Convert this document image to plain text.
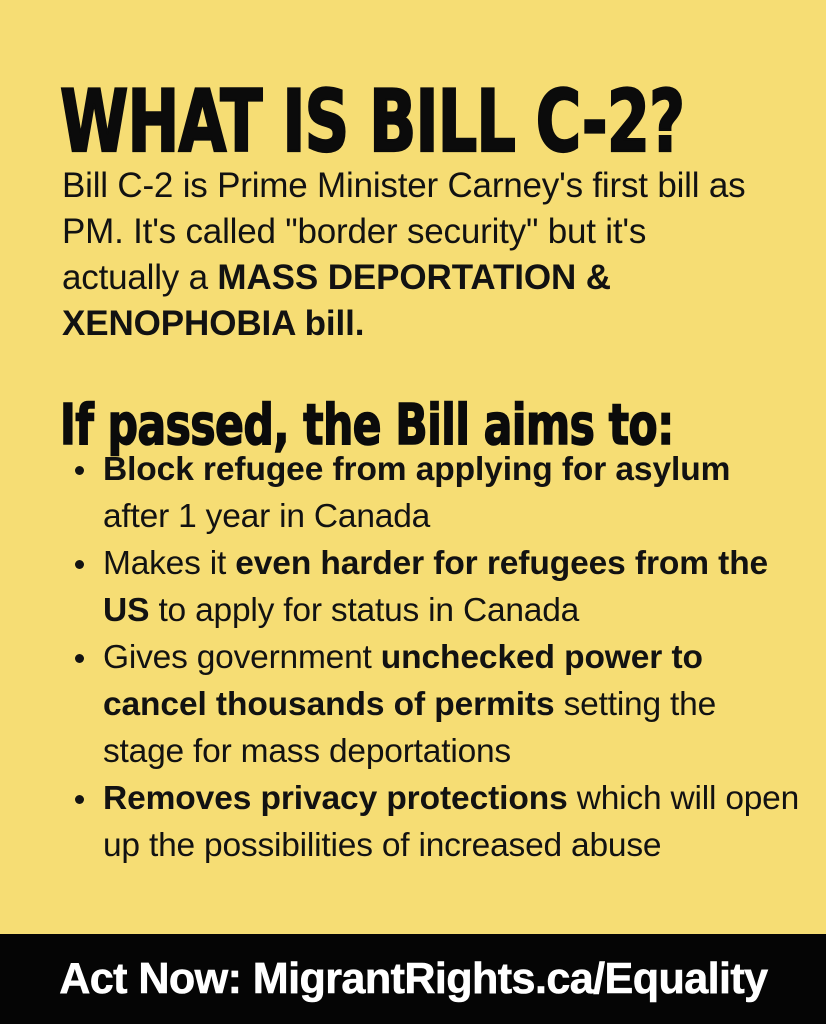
WHAT IS BILL C-2?

Bill C-2 is Prime Minister Carney's first bill as PM. It's called "border security" but it's actually a MASS DEPORTATION & XENOPHOBIA bill.

If passed, the Bill aims to:
Block refugee from applying for asylum after 1 year in Canada
Makes it even harder for refugees from the US to apply for status in Canada
Gives government unchecked power to cancel thousands of permits setting the stage for mass deportations
Removes privacy protections which will open up the possibilities of increased abuse
Act Now: MigrantRights.ca/Equality
